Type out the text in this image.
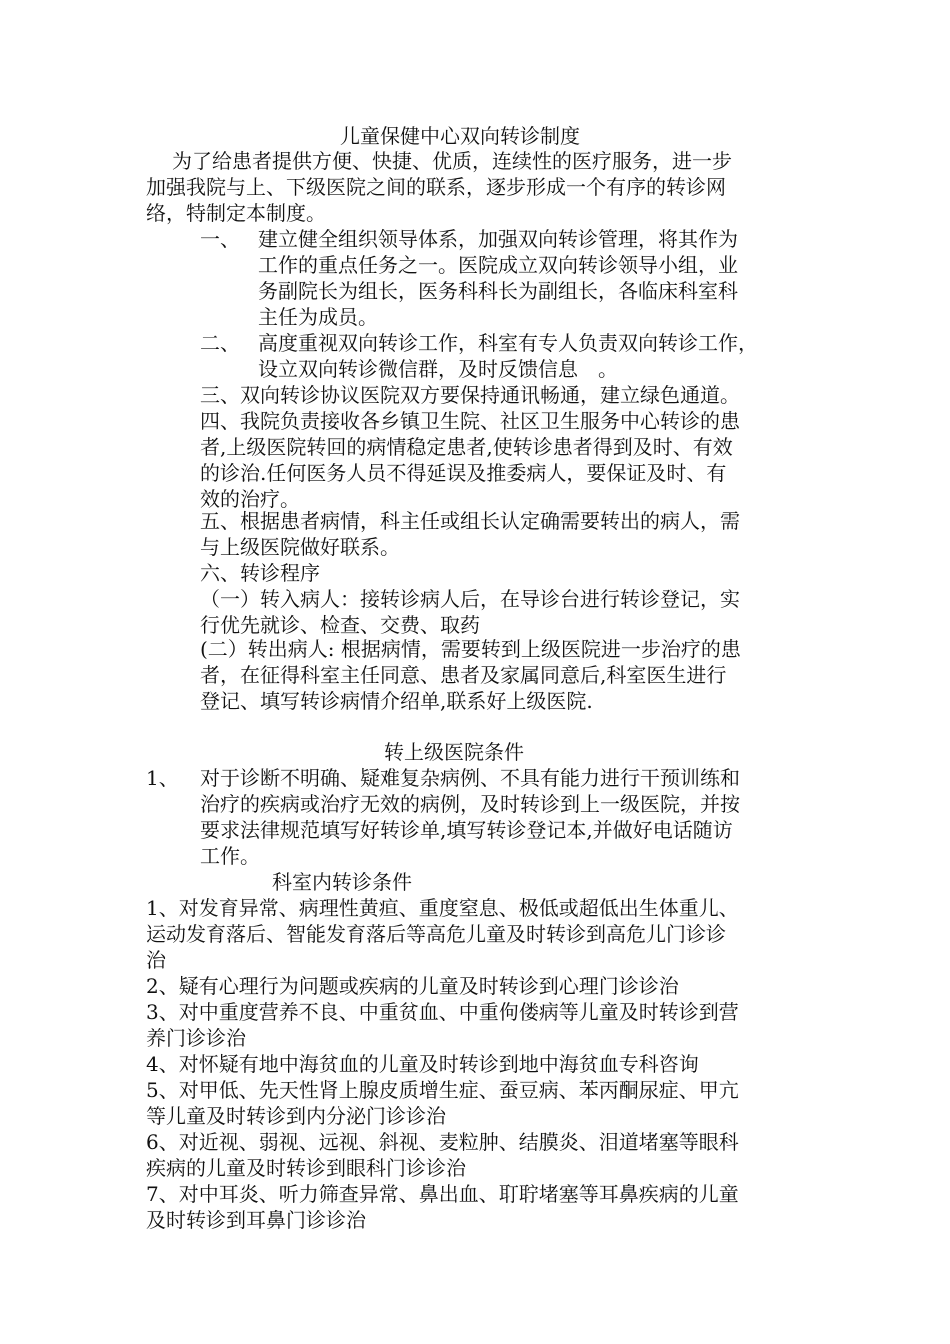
儿童保健中心双向转诊制度
为了给患者提供方便、快捷、优质，连续性的医疗服务，进一步
加强我院与上、下级医院之间的联系，逐步形成一个有序的转诊网
络，特制定本制度。
一、 建立健全组织领导体系，加强双向转诊管理，将其作为
工作的重点任务之一。医院成立双向转诊领导小组，业
务副院长为组长，医务科科长为副组长，各临床科室科
主任为成员。
二、 高度重视双向转诊工作，科室有专人负责双向转诊工作，
设立双向转诊微信群，及时反馈信息　。
三、双向转诊协议医院双方要保持通讯畅通，建立绿色通道。
四、我院负责接收各乡镇卫生院、社区卫生服务中心转诊的患
者,上级医院转回的病情稳定患者,使转诊患者得到及时、有效
的诊治.任何医务人员不得延误及推委病人，要保证及时、有
效的治疗。
五、根据患者病情，科主任或组长认定确需要转出的病人，需
与上级医院做好联系。
六、转诊程序
（一）转入病人：接转诊病人后，在导诊台进行转诊登记，实
行优先就诊、检查、交费、取药
(二）转出病人: 根据病情，需要转到上级医院进一步治疗的患
者，在征得科室主任同意、患者及家属同意后,科室医生进行
登记、填写转诊病情介绍单,联系好上级医院.
转上级医院条件
1、 对于诊断不明确、疑难复杂病例、不具有能力进行干预训练和
治疗的疾病或治疗无效的病例，及时转诊到上一级医院，并按
要求法律规范填写好转诊单,填写转诊登记本,并做好电话随访
工作。
科室内转诊条件
1、对发育异常、病理性黄疸、重度窒息、极低或超低出生体重儿、
运动发育落后、智能发育落后等高危儿童及时转诊到高危儿门诊诊
治
2、疑有心理行为问题或疾病的儿童及时转诊到心理门诊诊治
3、对中重度营养不良、中重贫血、中重佝偻病等儿童及时转诊到营
养门诊诊治
4、对怀疑有地中海贫血的儿童及时转诊到地中海贫血专科咨询
5、对甲低、先天性肾上腺皮质增生症、蚕豆病、苯丙酮尿症、甲亢
等儿童及时转诊到内分泌门诊诊治
6、对近视、弱视、远视、斜视、麦粒肿、结膜炎、泪道堵塞等眼科
疾病的儿童及时转诊到眼科门诊诊治
7、对中耳炎、听力筛查异常、鼻出血、耵聍堵塞等耳鼻疾病的儿童
及时转诊到耳鼻门诊诊治
